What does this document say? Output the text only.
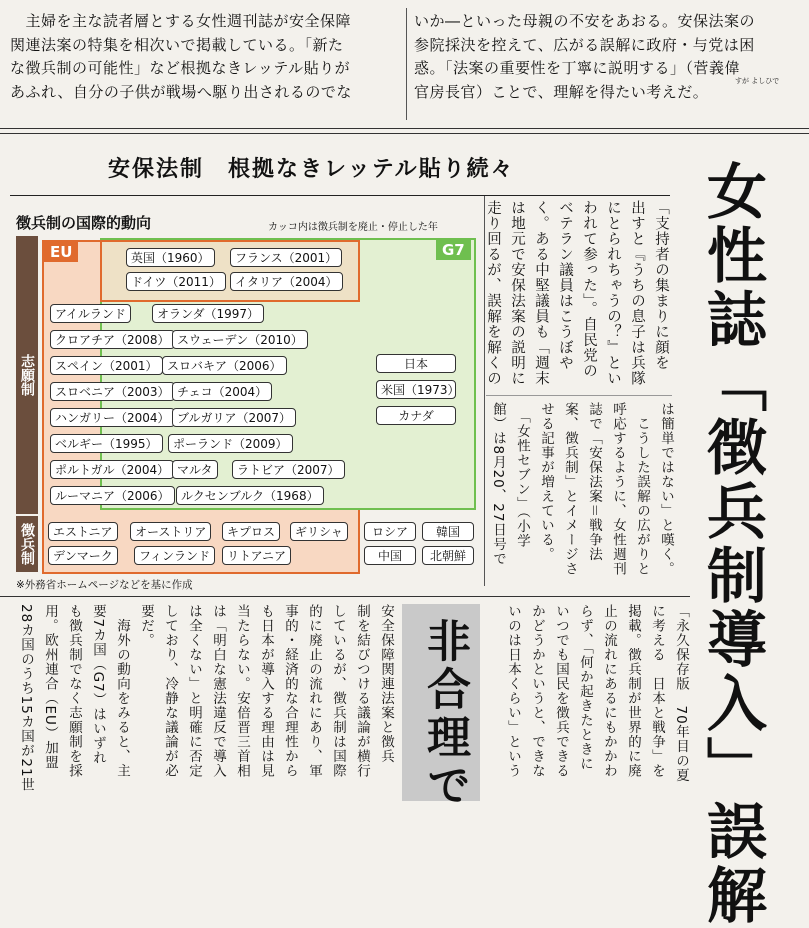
　主婦を主な読者層とする女性週刊誌が安全保障
関連法案の特集を相次いで掲載している。「新た
な徴兵制の可能性」など根拠なきレッテル貼りが
あふれ、自分の子供が戦場へ駆り出されるのでな
いか―といった母親の不安をあおる。安保法案の
参院採決を控えて、広がる誤解に政府・与党は困
惑。「法案の重要性を丁寧に説明する」（菅義偉
官房長官）ことで、理解を得たい考えだ。
すが よしひで
安保法制　根拠なきレッテル貼り続々
徴兵制の国際的動向	カッコ内は徴兵制を廃止・停止した年
志願制
徴兵制
EU	G7
英国（1960）	フランス（2001）
ドイツ（2011）	イタリア（2004）
アイルランド	オランダ（1997）
クロアチア（2008） スウェーデン（2010）
スペイン（2001） スロバキア（2006）
スロベニア（2003） チェコ（2004）
ハンガリー（2004） ブルガリア（2007）
ベルギー（1995）	ポーランド（2009）
ポルトガル（2004） マルタ	ラトビア（2007）
ルーマニア（2006） ルクセンブルク（1968）
日本
米国（1973）
カナダ
エストニア	オーストリア	キプロス	ギリシャ
デンマーク	フィンランド	リトアニア
ロシア	韓国
中国	北朝鮮
※外務省ホームページなどを基に作成
「支持者の集まりに顔を
出すと『うちの息子は兵隊
にとられちゃうの？』とい
われて参った」。自民党の
ベテラン議員はこうぼや
く。ある中堅議員も「週末
は地元で安保法案の説明に
走り回るが、誤解を解くの
は簡単ではない」と嘆く。
　こうした誤解の広がりと
呼応するように、女性週刊
誌で「安保法案＝戦争法
案、徴兵制」とイメージさ
せる記事が増えている。
　「女性セブン」（小学
館）は8月20、27日号で	女性誌「徴兵制導入」誤解
「永久保存版　70年目の夏
に考える　日本と戦争」を
掲載。徴兵制が世界的に廃
止の流れにあるにもかかわ
らず、「何か起きたときに
いつでも国民を徴兵できる
かどうかというと、できな
いのは日本くらい」という
非合理で
安全保障関連法案と徴兵
制を結びつける議論が横行
しているが、徴兵制は国際
的に廃止の流れにあり、軍
事的・経済的な合理性から
も日本が導入する理由は見
当たらない。安倍晋三首相
は「明白な憲法違反で導入
は全くない」と明確に否定
しており、冷静な議論が必
要だ。
　海外の動向をみると、主
要7カ国（G7）はいずれ
も徴兵制でなく志願制を採
用。欧州連合（EU）加盟
28カ国のうち15カ国が21世
